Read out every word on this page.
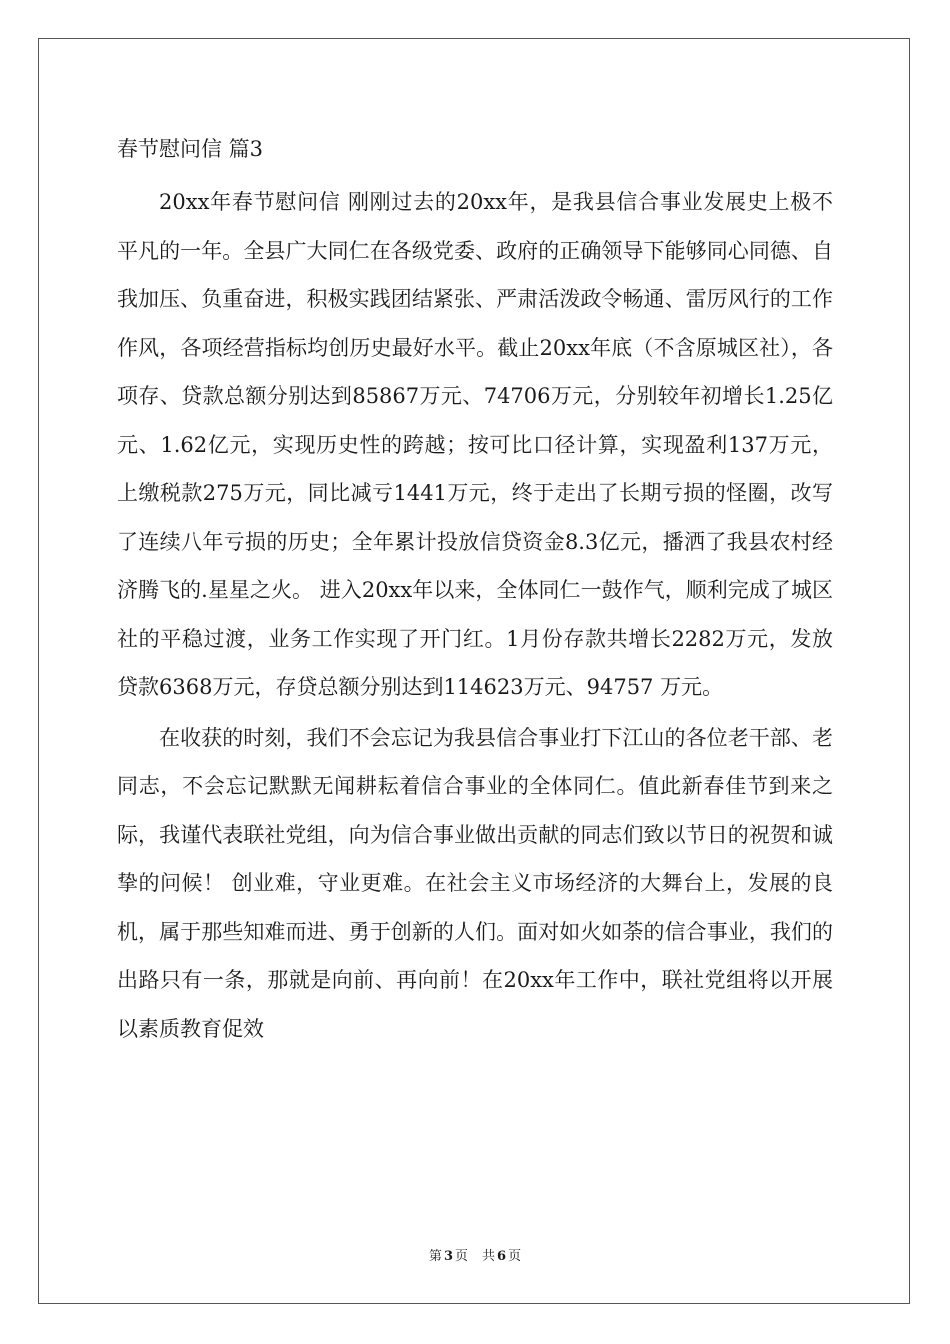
春节慰问信 篇3

20xx年春节慰问信 刚刚过去的20xx年，是我县信合事业发展史上极不平凡的一年。全县广大同仁在各级党委、政府的正确领导下能够同心同德、自我加压、负重奋进，积极实践团结紧张、严肃活泼政令畅通、雷厉风行的工作作风，各项经营指标均创历史最好水平。截止20xx年底（不含原城区社），各项存、贷款总额分别达到85867万元、74706万元，分别较年初增长1.25亿元、1.62亿元，实现历史性的跨越；按可比口径计算，实现盈利137万元，上缴税款275万元，同比减亏1441万元，终于走出了长期亏损的怪圈，改写了连续八年亏损的历史；全年累计投放信贷资金8.3亿元，播洒了我县农村经济腾飞的.星星之火。 进入20xx年以来，全体同仁一鼓作气，顺利完成了城区社的平稳过渡，业务工作实现了开门红。1月份存款共增长2282万元，发放贷款6368万元，存贷总额分别达到114623万元、94757 万元。

在收获的时刻，我们不会忘记为我县信合事业打下江山的各位老干部、老同志，不会忘记默默无闻耕耘着信合事业的全体同仁。值此新春佳节到来之际，我谨代表联社党组，向为信合事业做出贡献的同志们致以节日的祝贺和诚挚的问候！ 创业难，守业更难。在社会主义市场经济的大舞台上，发展的良机，属于那些知难而进、勇于创新的人们。面对如火如荼的信合事业，我们的出路只有一条，那就是向前、再向前！在20xx年工作中，联社党组将以开展以素质教育促效

第 3 页 共 6 页
